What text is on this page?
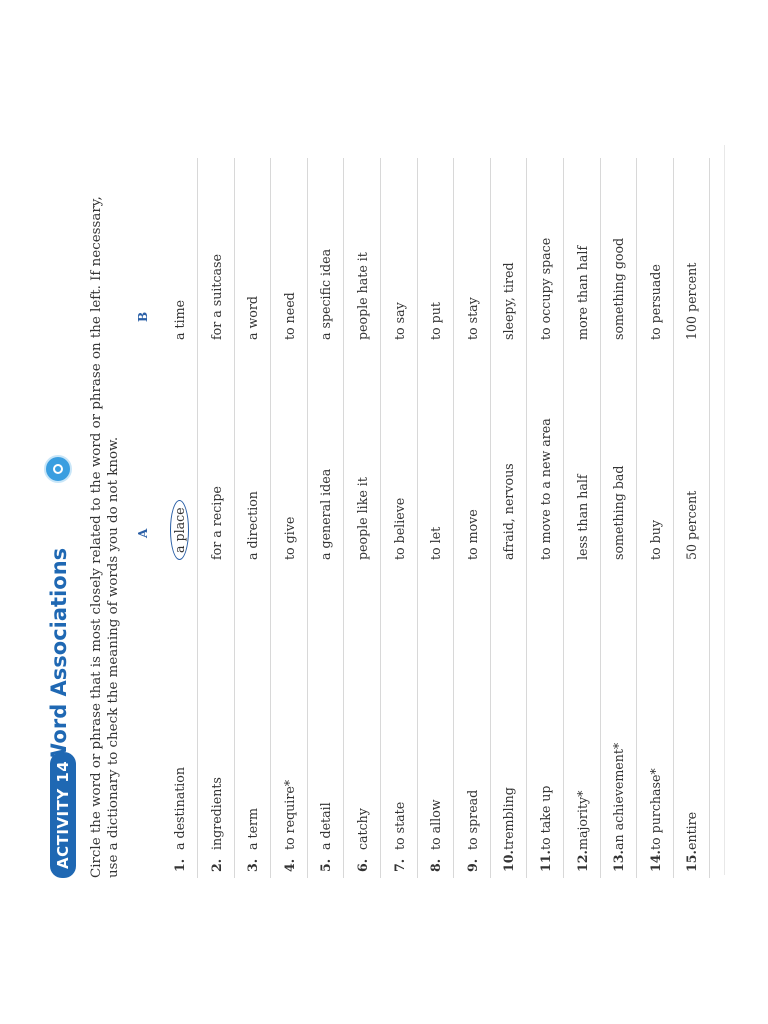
ACTIVITY 14
Word Associations Circle the word or phrase that is most closely related to the word or phrase on the left. If necessary, use a dictionary to check the meaning of words you do not know. A
B
1.
a destination
a place
a time
2.
ingredients
for a recipe
for a suitcase
3.
a term
a direction
a word
4.
to require*
to give
to need
5.
a detail
a general idea
a specific idea
6.
catchy
people like it
people hate it
7.
to state
to believe
to say
8.
to allow
to let
to put
9.
to spread
to move
to stay
10.
trembling
afraid, nervous
sleepy, tired
11.
to take up
to move to a new area
to occupy space
12.
majority*
less than half
more than half
13.
an achievement*
something bad
something good
14.
to purchase*
to buy
to persuade
15.
entire
50 percent
100 percent
